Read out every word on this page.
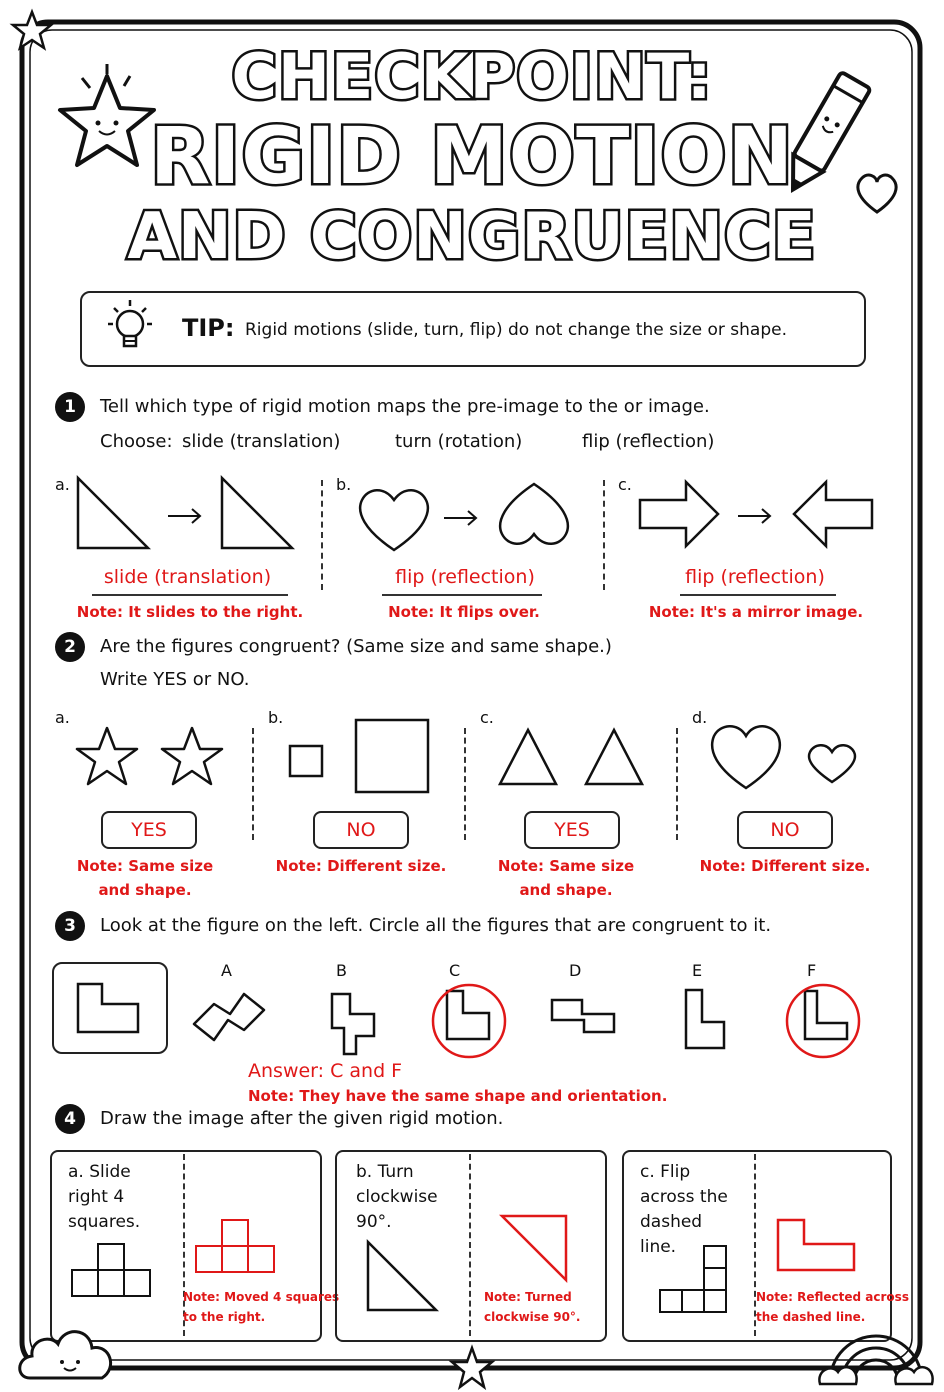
CHECKPOINT:
RIGID MOTION
AND CONGRUENCE
TIP: Rigid motions (slide, turn, flip) do not change the size or shape.
1	Tell which type of rigid motion maps the pre-image to the or image.
Choose: slide (translation)	turn (rotation)	flip (reflection)
a.	b.	c.
slide (translation)
Note: It slides to the right.
flip (reflection)
Note: It flips over.
flip (reflection)
Note: It's a mirror image.
2	Are the figures congruent? (Same size and same shape.)
Write YES or NO.
a.	b.	c.	d.
YES	NO	YES	NO
Note: Same size
and shape.
Note: Different size.	Note: Same size
and shape.
Note: Different size.
3	Look at the figure on the left. Circle all the figures that are congruent to it.
A	B	C	D	E	F
Answer: C and F
Note: They have the same shape and orientation.
4	Draw the image after the given rigid motion.
a. Slide
right 4
squares.
Note: Moved 4 squares
to the right.
b. Turn
clockwise
90°.
Note: Turned
clockwise 90°.
c. Flip
across the
dashed
line.
Note: Reflected across
the dashed line.
